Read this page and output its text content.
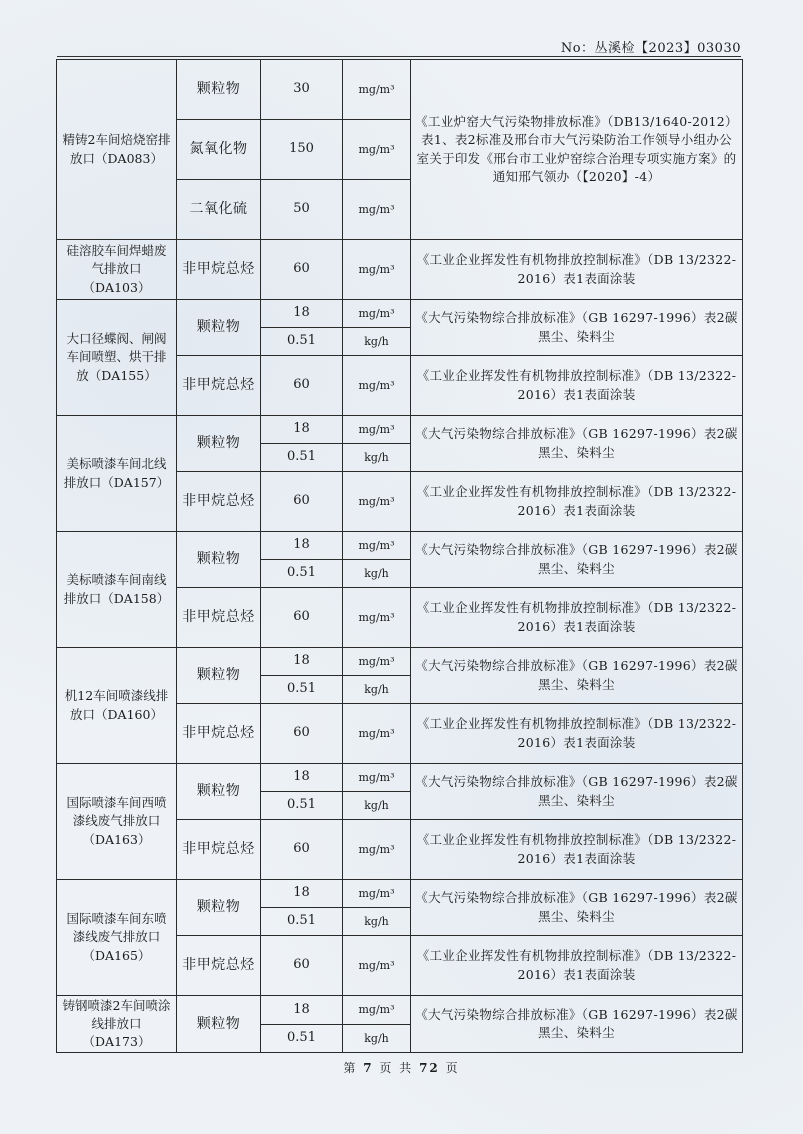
No：丛溪检【2023】03030
精铸2车间焙烧窑排放口（DA083）	颗粒物	30	mg/m³	《工业炉窑大气污染物排放标准》（DB13/1640-2012）表1、表2标准及邢台市大气污染防治工作领导小组办公室关于印发《邢台市工业炉窑综合治理专项实施方案》的通知邢气领办（【2020】-4）
	氮氧化物	150	mg/m³	
	二氧化硫	50	mg/m³	
硅溶胶车间焊蜡废气排放口（DA103）	非甲烷总烃	60	mg/m³	《工业企业挥发性有机物排放控制标准》（DB 13/2322-2016）表1表面涂装
大口径蝶阀、闸阀车间喷塑、烘干排放（DA155）	颗粒物	18	mg/m³	《大气污染物综合排放标准》（GB 16297-1996）表2碳黑尘、染料尘
		0.51	kg/h	
	非甲烷总烃	60	mg/m³	《工业企业挥发性有机物排放控制标准》（DB 13/2322-2016）表1表面涂装
美标喷漆车间北线排放口（DA157）	颗粒物	18	mg/m³	《大气污染物综合排放标准》（GB 16297-1996）表2碳黑尘、染料尘
		0.51	kg/h	
	非甲烷总烃	60	mg/m³	《工业企业挥发性有机物排放控制标准》（DB 13/2322-2016）表1表面涂装
美标喷漆车间南线排放口（DA158）	颗粒物	18	mg/m³	《大气污染物综合排放标准》（GB 16297-1996）表2碳黑尘、染料尘
		0.51	kg/h	
	非甲烷总烃	60	mg/m³	《工业企业挥发性有机物排放控制标准》（DB 13/2322-2016）表1表面涂装
机12车间喷漆线排放口（DA160）	颗粒物	18	mg/m³	《大气污染物综合排放标准》（GB 16297-1996）表2碳黑尘、染料尘
		0.51	kg/h	
	非甲烷总烃	60	mg/m³	《工业企业挥发性有机物排放控制标准》（DB 13/2322-2016）表1表面涂装
国际喷漆车间西喷漆线废气排放口（DA163）	颗粒物	18	mg/m³	《大气污染物综合排放标准》（GB 16297-1996）表2碳黑尘、染料尘
		0.51	kg/h	
	非甲烷总烃	60	mg/m³	《工业企业挥发性有机物排放控制标准》（DB 13/2322-2016）表1表面涂装
国际喷漆车间东喷漆线废气排放口（DA165）	颗粒物	18	mg/m³	《大气污染物综合排放标准》（GB 16297-1996）表2碳黑尘、染料尘
		0.51	kg/h	
	非甲烷总烃	60	mg/m³	《工业企业挥发性有机物排放控制标准》（DB 13/2322-2016）表1表面涂装
铸钢喷漆2车间喷涂线排放口（DA173）	颗粒物	18	mg/m³	《大气污染物综合排放标准》（GB 16297-1996）表2碳黑尘、染料尘
		0.51	kg/h	
第 7 页 共 72 页
